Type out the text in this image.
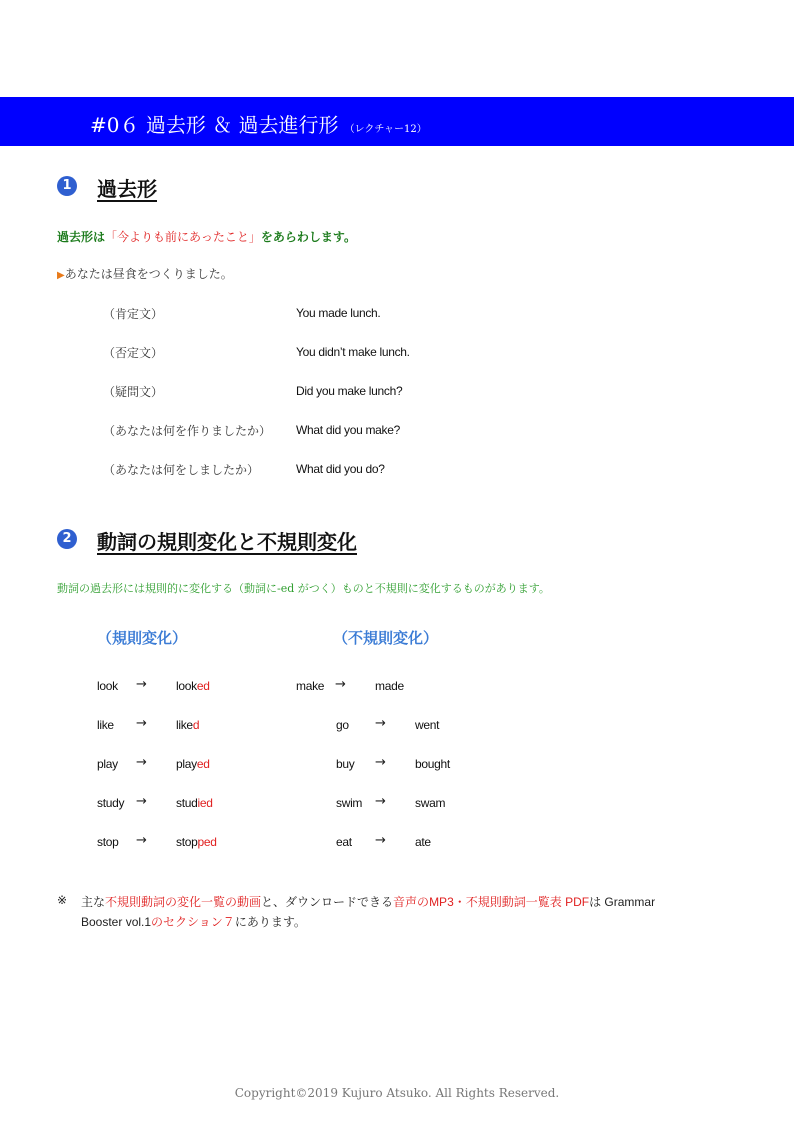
#0６ 過去形 ＆ 過去進行形 （レクチャー12）
1 過去形
過去形は「今よりも前にあったこと」をあらわします。
▶あなたは昼食をつくりました。
（肯定文）	You made lunch.
（否定文）	You didn’t make lunch.
（疑問文）	Did you make lunch?
（あなたは何を作りましたか） What did you make?
（あなたは何をしましたか）	What did you do?
2 動詞の規則変化と不規則変化
動詞の過去形には規則的に変化する（動詞に-ed がつく）ものと不規則に変化するものがあります。
（規則変化）	（不規則変化）
look → looked
like → liked
play → played
study → studied
stop → stopped
make → made
go → went
buy → bought
swim → swam
eat → ate
※ 主な不規則動詞の変化一覧の動画と、ダウンロードできる音声のMP3・不規則動詞一覧表 PDFは Grammar
Booster vol.1のセクション７にあります。
Copyright©2019 Kujuro Atsuko. All Rights Reserved.
